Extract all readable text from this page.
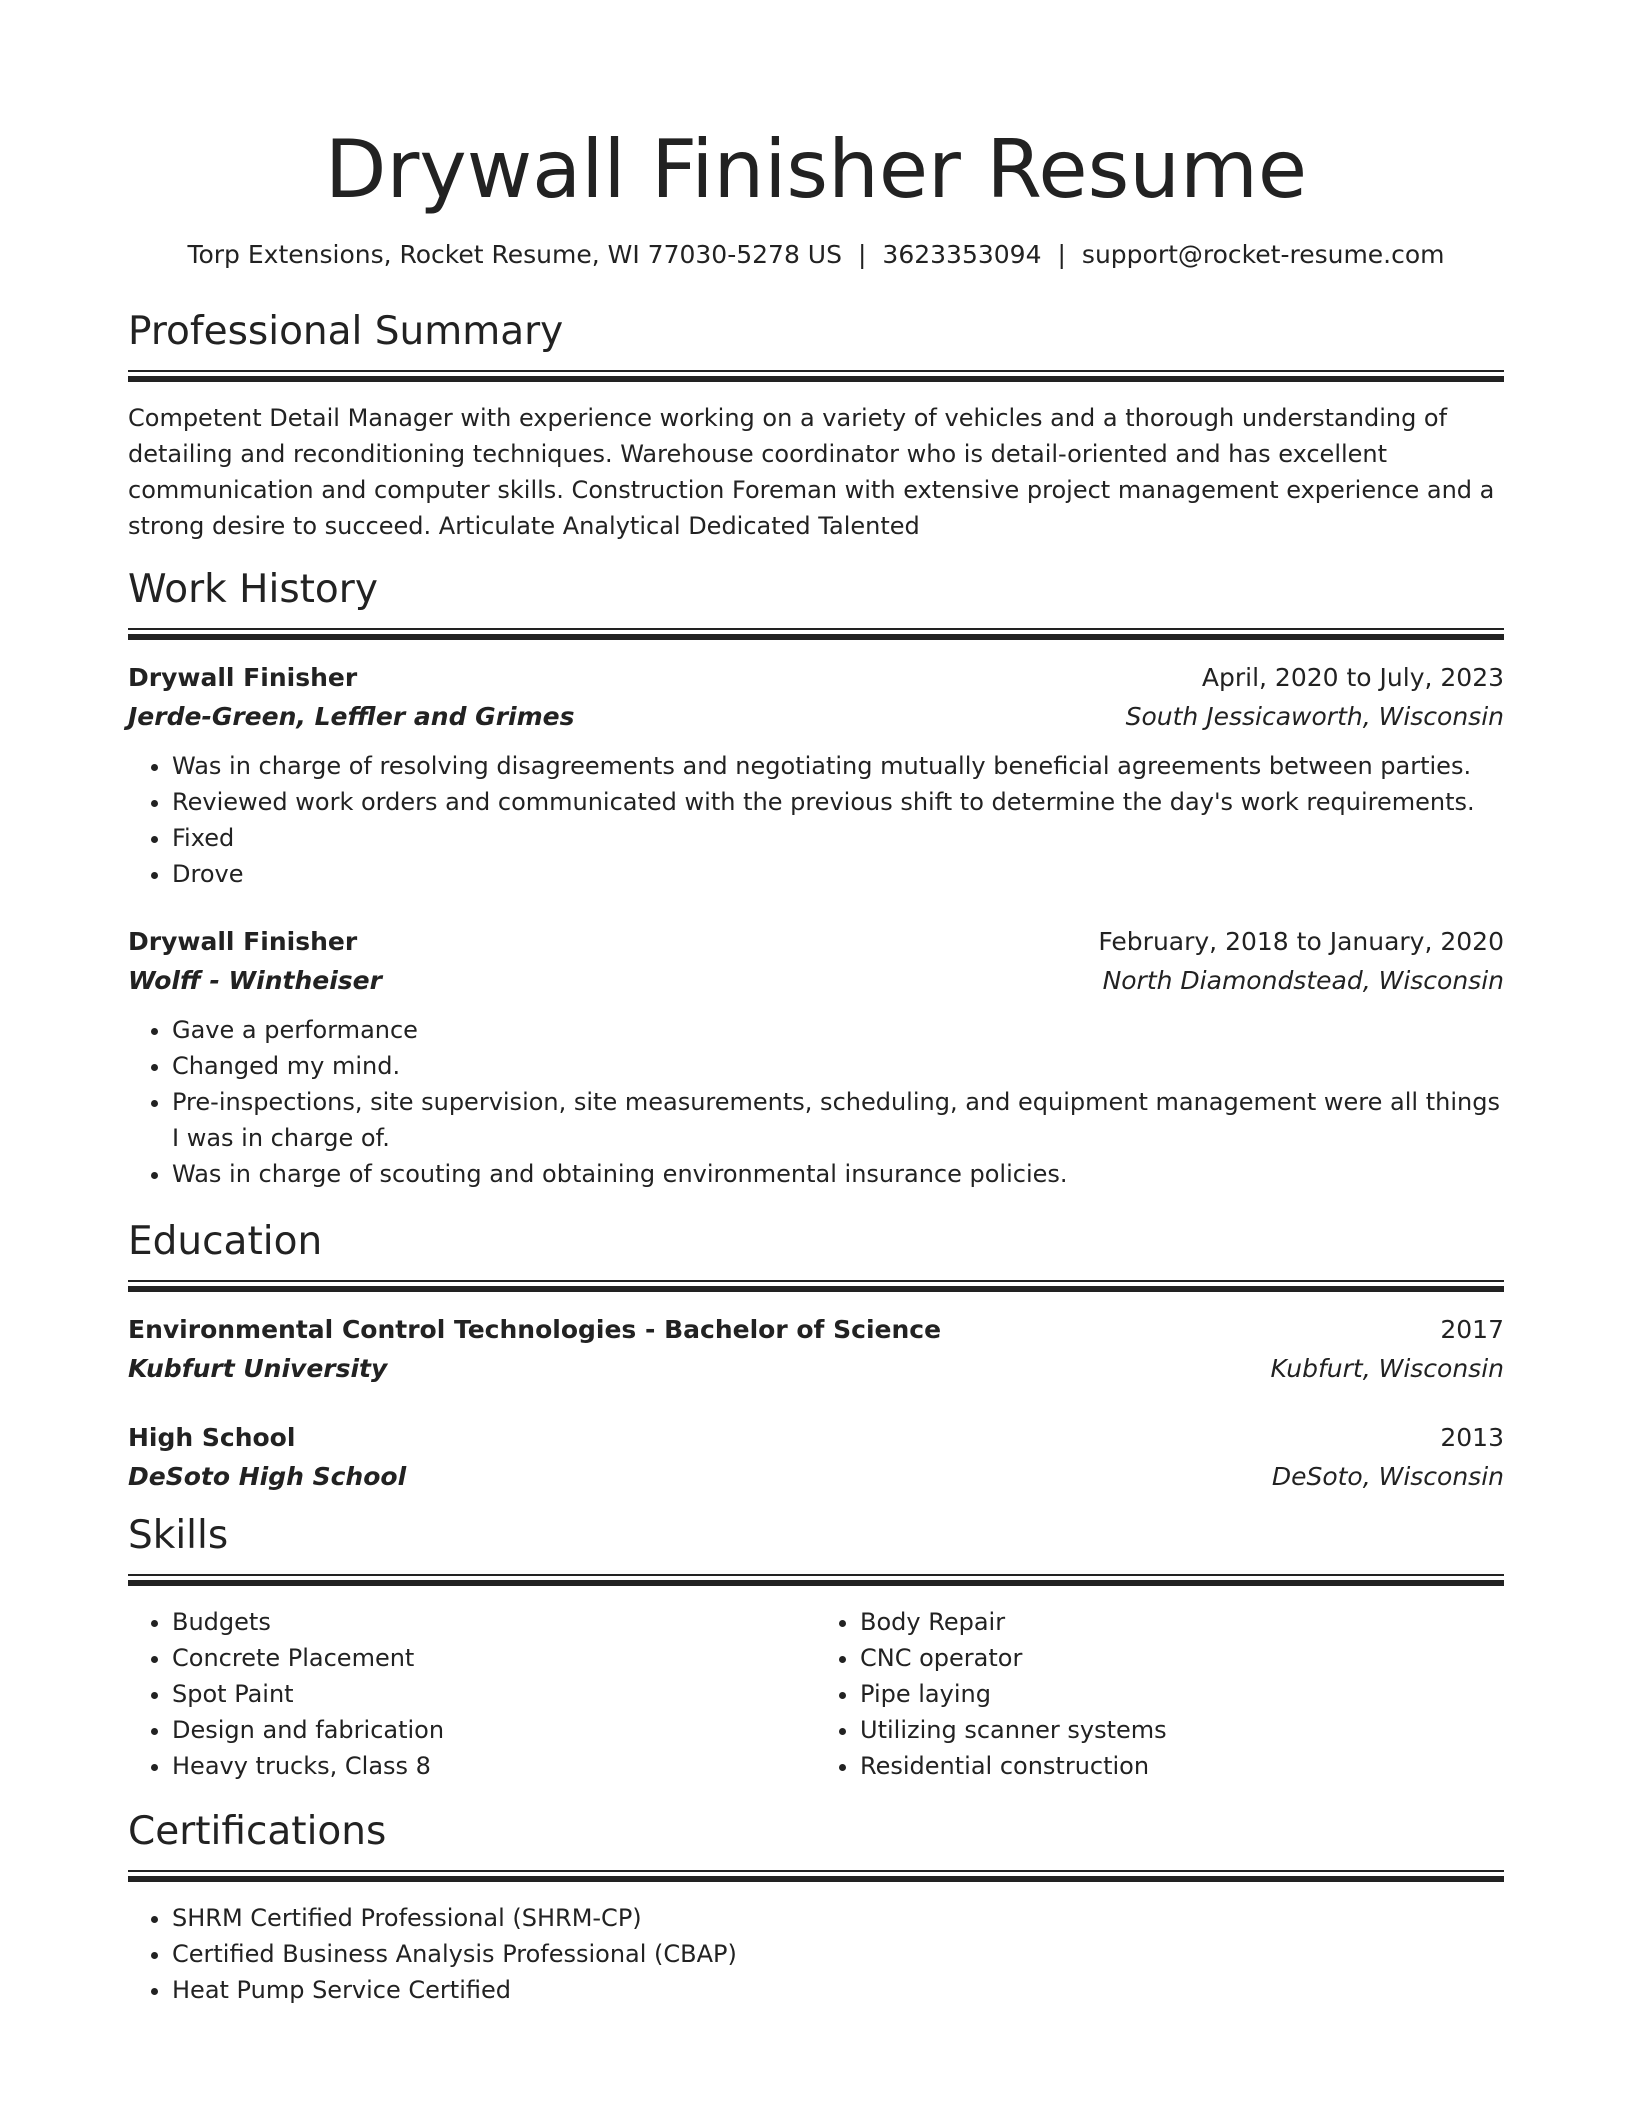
Drywall Finisher Resume
Torp Extensions, Rocket Resume, WI 77030-5278 US | 3623353094 | support@rocket-resume.com
Professional Summary

Competent Detail Manager with experience working on a variety of vehicles and a thorough understanding of detailing and reconditioning techniques. Warehouse coordinator who is detail-oriented and has excellent communication and computer skills. Construction Foreman with extensive project management experience and a strong desire to succeed. Articulate Analytical Dedicated Talented

Work History
Drywall Finisher	April, 2020 to July, 2023
Jerde-Green, Leffler and Grimes	South Jessicaworth, Wisconsin
• Was in charge of resolving disagreements and negotiating mutually beneficial agreements between parties.
• Reviewed work orders and communicated with the previous shift to determine the day's work requirements.
• Fixed
• Drove
Drywall Finisher	February, 2018 to January, 2020
Wolff - Wintheiser	North Diamondstead, Wisconsin
• Gave a performance
• Changed my mind.
• Pre-inspections, site supervision, site measurements, scheduling, and equipment management were all things I was in charge of.
• Was in charge of scouting and obtaining environmental insurance policies.
Education
Environmental Control Technologies - Bachelor of Science	2017
Kubfurt University	Kubfurt, Wisconsin
High School	2013
DeSoto High School	DeSoto, Wisconsin
Skills
• Budgets
• Concrete Placement
• Spot Paint
• Design and fabrication
• Heavy trucks, Class 8
• Body Repair
• CNC operator
• Pipe laying
• Utilizing scanner systems
• Residential construction
Certifications
• SHRM Certified Professional (SHRM-CP)
• Certified Business Analysis Professional (CBAP)
• Heat Pump Service Certified
